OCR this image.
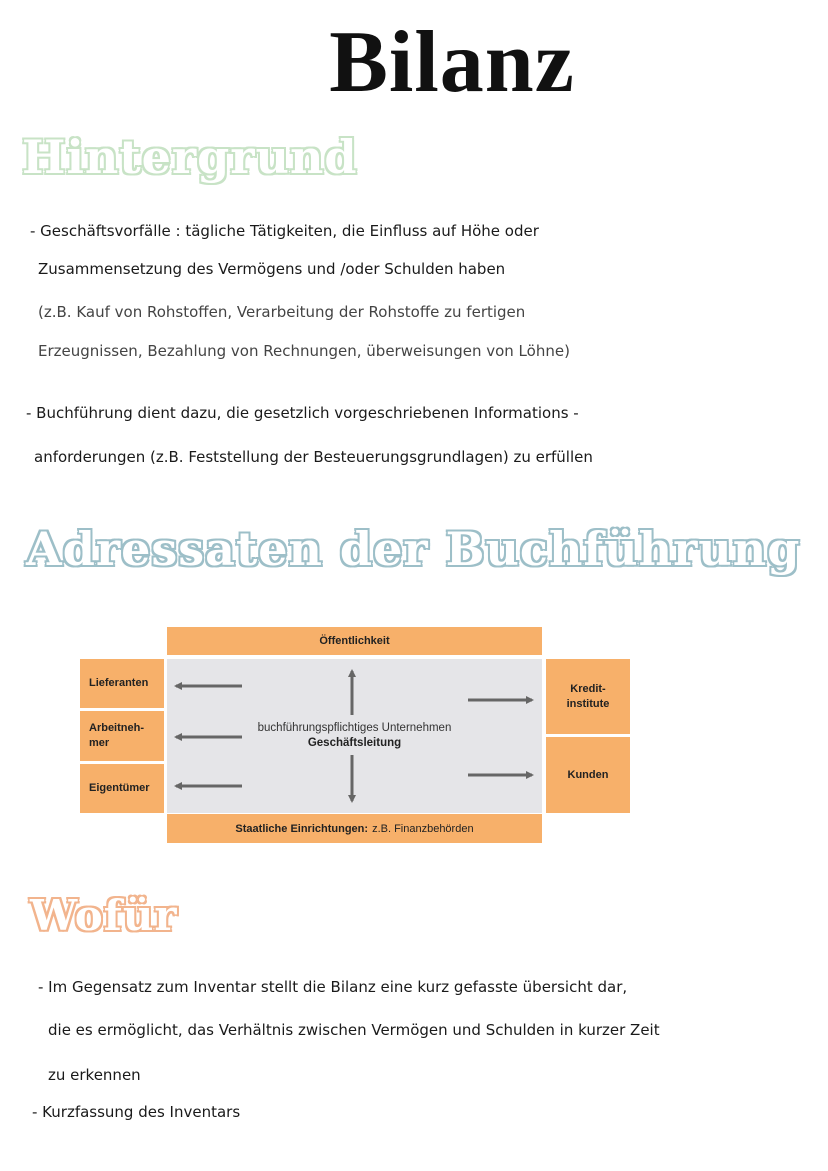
Bilanz
Hintergrund
- Geschäftsvorfälle : tägliche Tätigkeiten, die Einfluss auf Höhe oder
Zusammensetzung des Vermögens und /oder Schulden haben
(z.B. Kauf von Rohstoffen, Verarbeitung der Rohstoffe zu fertigen
Erzeugnissen, Bezahlung von Rechnungen, überweisungen von Löhne)
- Buchführung dient dazu, die gesetzlich vorgeschriebenen Informations -
anforderungen (z.B. Feststellung der Besteuerungsgrundlagen) zu erfüllen
Adressaten der Buchführung
Öffentlichkeit
buchführungspflichtiges Unternehmen
Geschäftsleitung
Lieferanten
Arbeitneh-
mer
Eigentümer
Kredit-
institute
Kunden
Staatliche Einrichtungen: z.B. Finanzbehörden
Wofür
- Im Gegensatz zum Inventar stellt die Bilanz eine kurz gefasste übersicht dar,
die es ermöglicht, das Verhältnis zwischen Vermögen und Schulden in kurzer Zeit
zu erkennen
- Kurzfassung des Inventars
